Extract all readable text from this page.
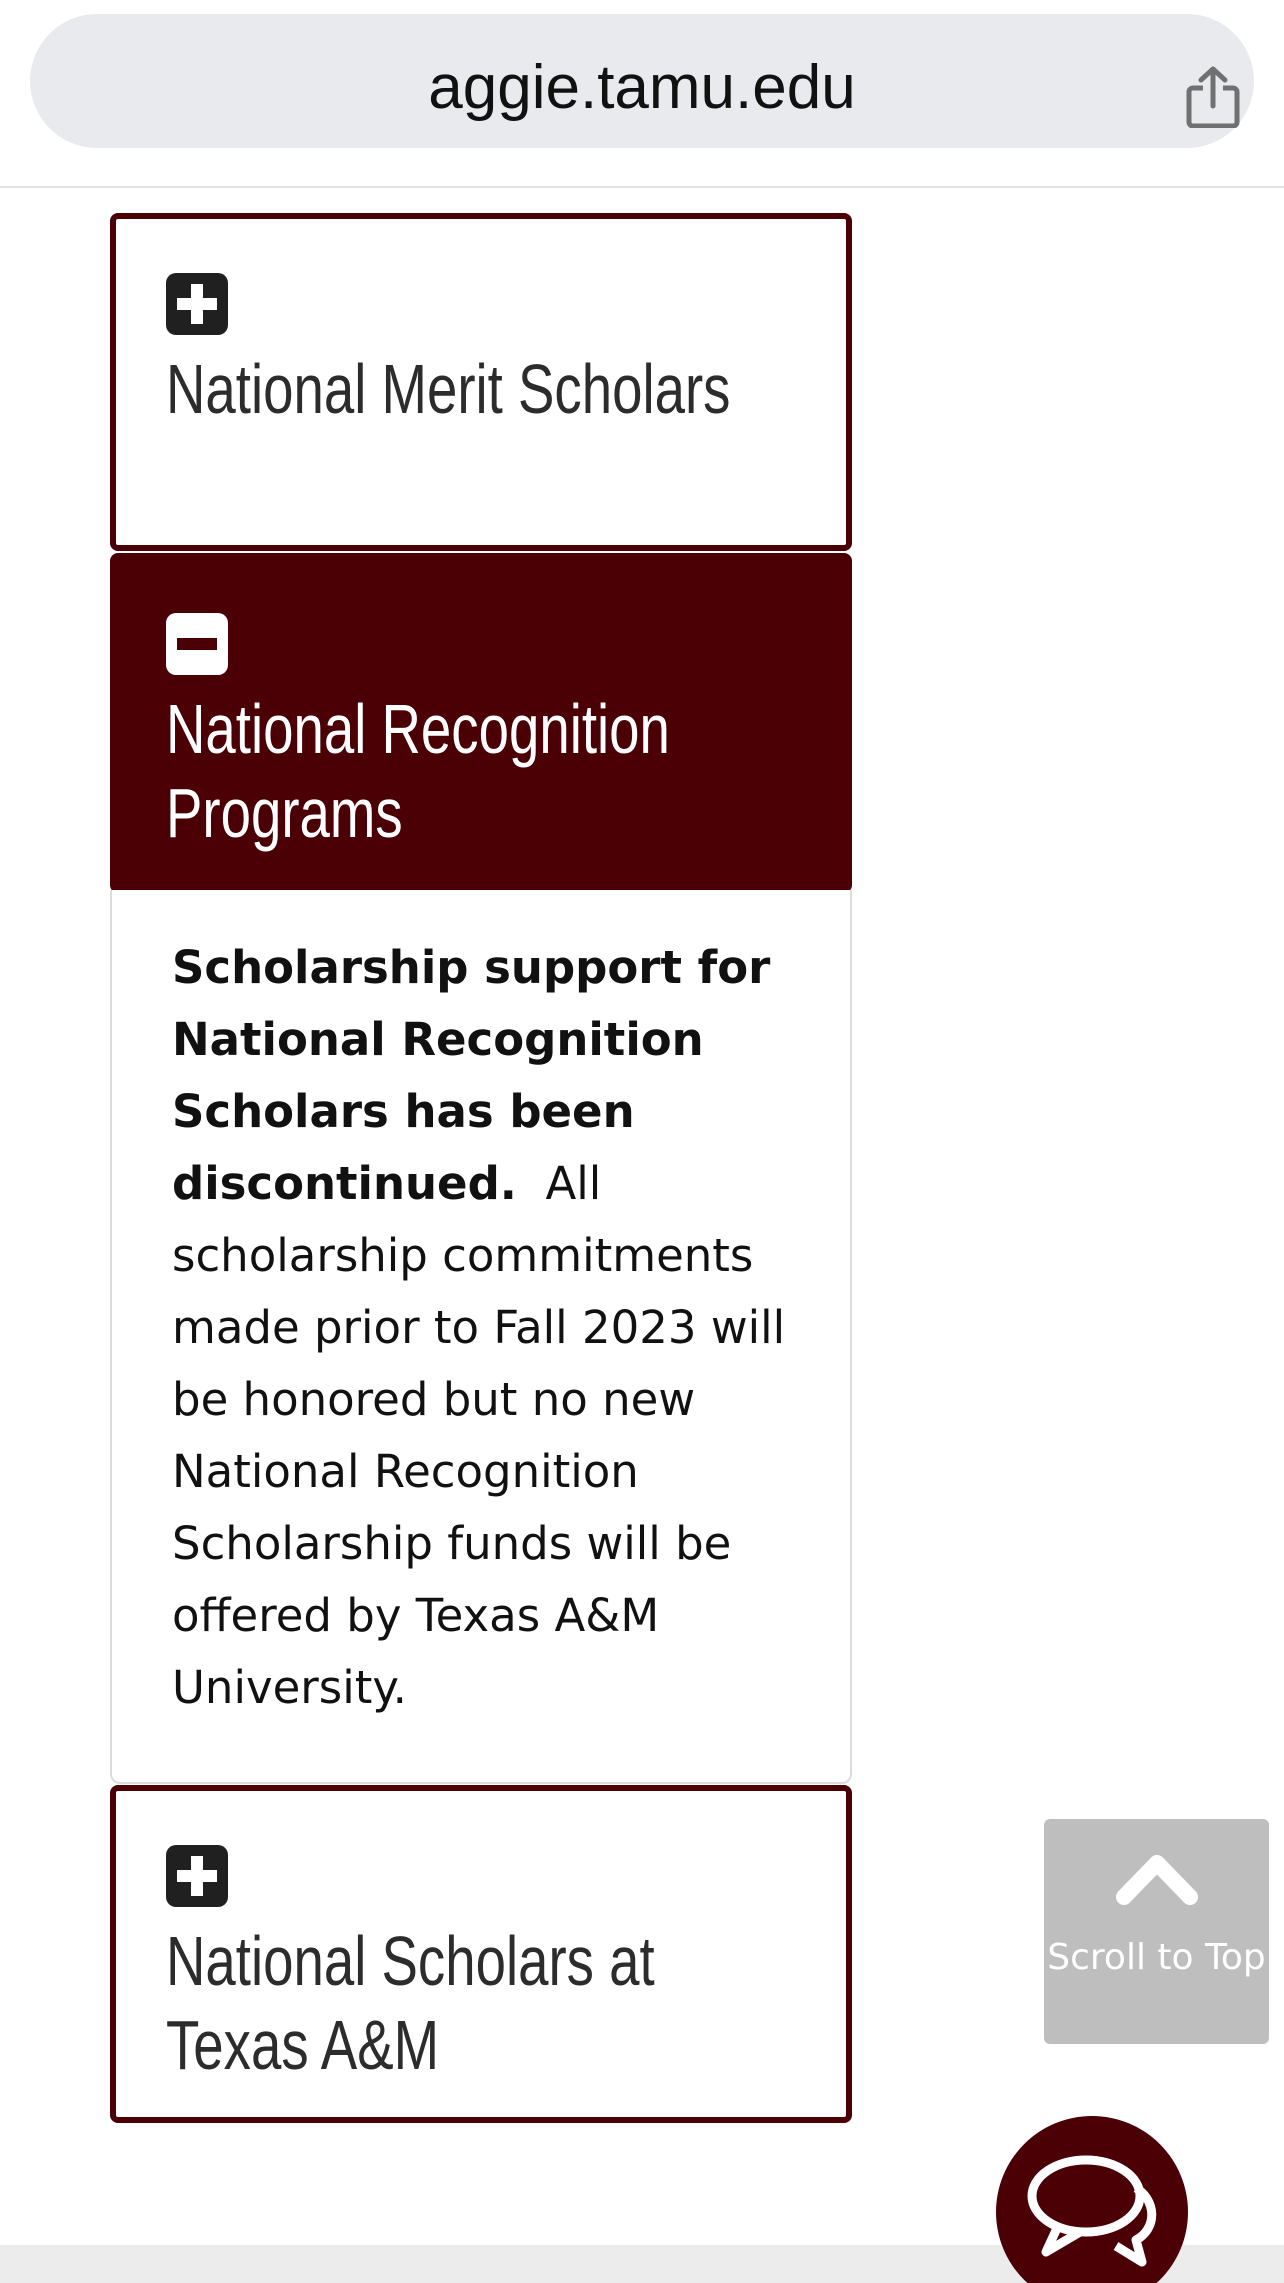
aggie.tamu.edu
National Merit Scholars
National Recognition Programs
Scholarship support for National Recognition Scholars has been discontinued. All scholarship commitments made prior to Fall 2023 will be honored but no new National Recognition Scholarship funds will be offered by Texas A&M University.
National Scholars at Texas A&M
Scroll to Top
